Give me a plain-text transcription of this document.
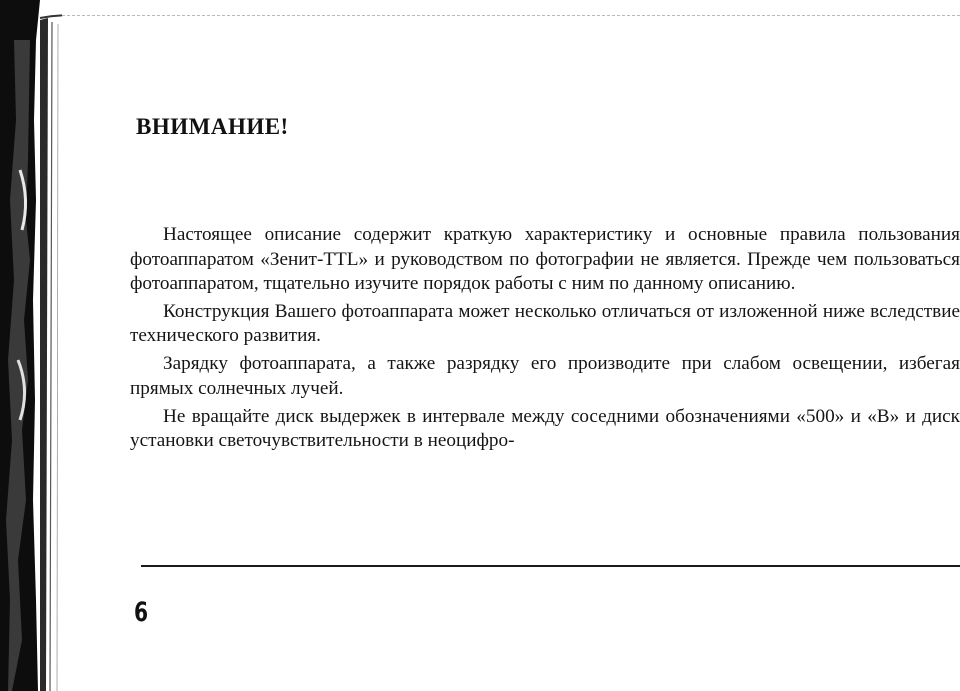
ВНИМАНИЕ!

Настоящее описание содержит краткую характеристику и основные правила пользования фотоаппаратом «Зенит-TTL» и руководством по фотографии не является. Прежде чем пользоваться фотоаппаратом, тщательно изучите порядок работы с ним по данному описанию.

Конструкция Вашего фотоаппарата может несколько отличаться от изложенной ниже вследствие технического развития.

Зарядку фотоаппарата, а также разрядку его производите при слабом освещении, избегая прямых солнечных лучей.

Не вращайте диск выдержек в интервале между соседними обозначениями «500» и «В» и диск установки светочувствительности в неоцифро-

6
